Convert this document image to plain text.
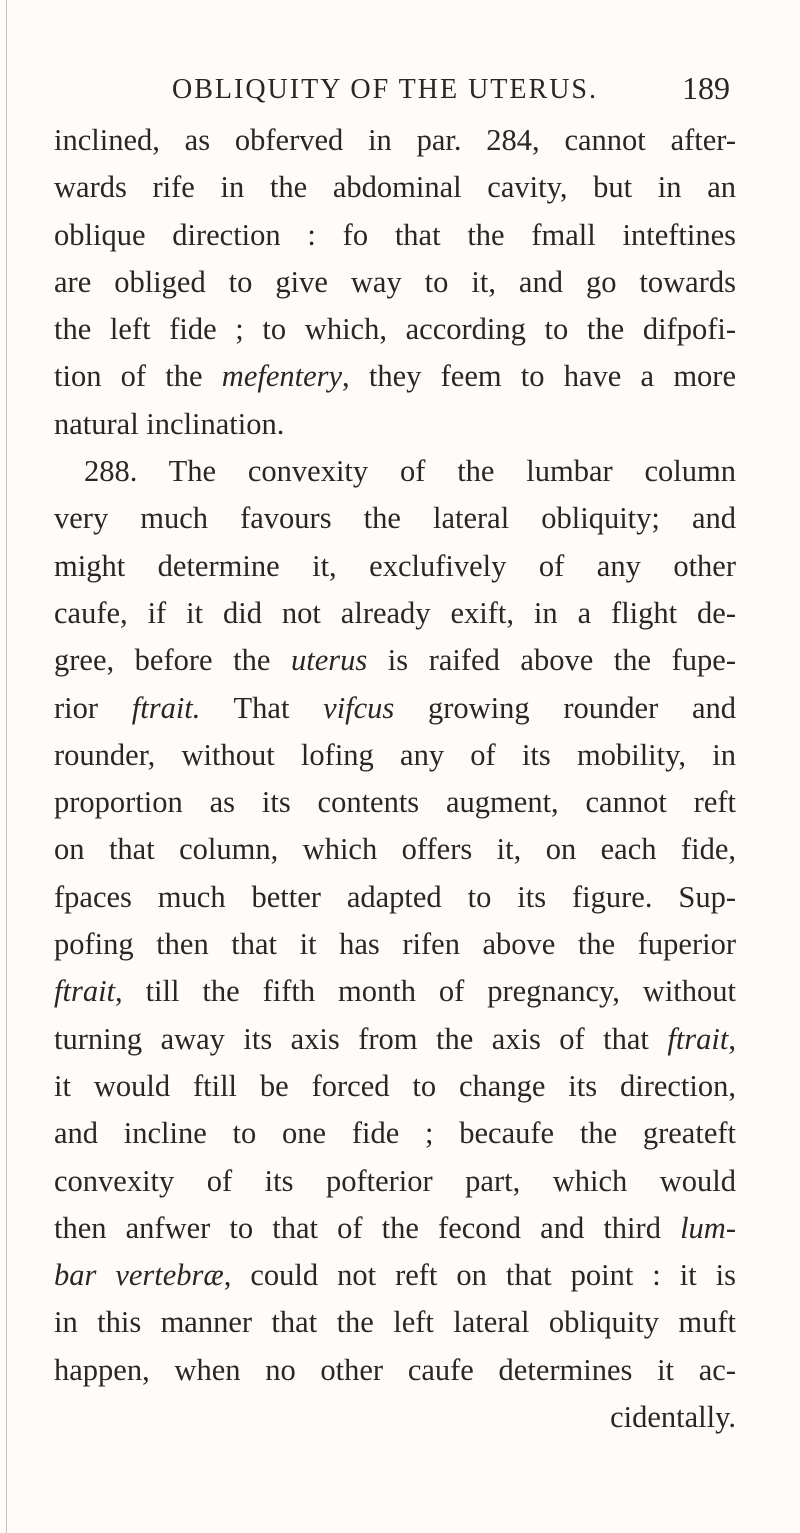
OBLIQUITY OF THE UTERUS.	189
inclined, as obferved in par. 284, cannot after-
wards rife in the abdominal cavity, but in an
oblique direction : fo that the fmall inteftines
are obliged to give way to it, and go towards
the left fide ; to which, according to the difpofi-
tion of the mefentery, they feem to have a more
natural inclination.
288. The convexity of the lumbar column
very much favours the lateral obliquity; and
might determine it, exclufively of any other
caufe, if it did not already exift, in a flight de-
gree, before the uterus is raifed above the fupe-
rior ftrait. That vifcus growing rounder and
rounder, without lofing any of its mobility, in
proportion as its contents augment, cannot reft
on that column, which offers it, on each fide,
fpaces much better adapted to its figure. Sup-
pofing then that it has rifen above the fuperior
ftrait, till the fifth month of pregnancy, without
turning away its axis from the axis of that ftrait,
it would ftill be forced to change its direction,
and incline to one fide ; becaufe the greateft
convexity of its pofterior part, which would
then anfwer to that of the fecond and third lum-
bar vertebræ, could not reft on that point : it is
in this manner that the left lateral obliquity muft
happen, when no other caufe determines it ac-
cidentally.
